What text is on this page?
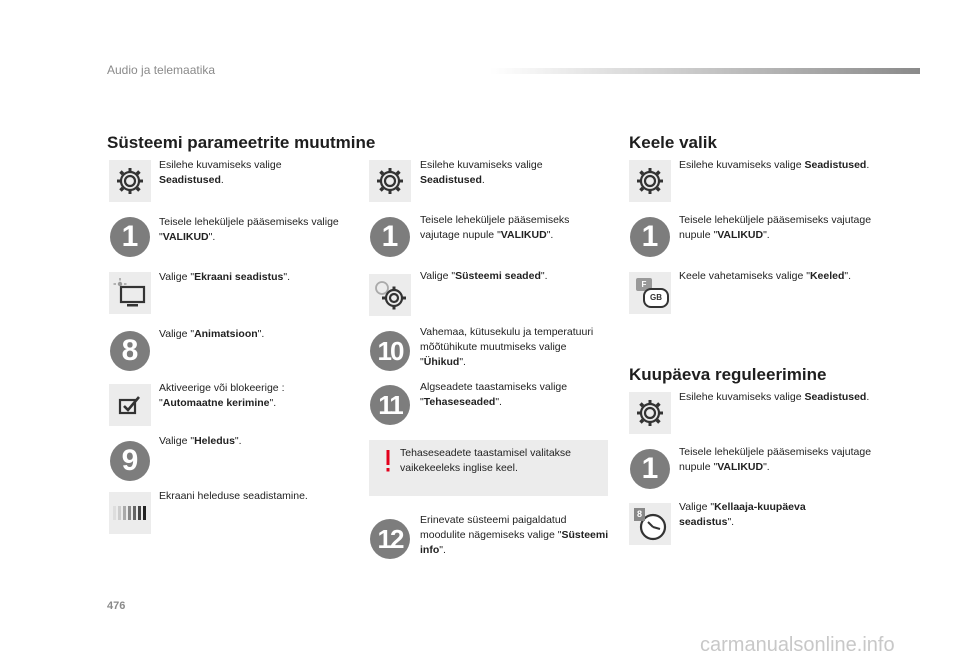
Audio ja telemaatika
Süsteemi parameetrite muutmine	Keele valik
Kuupäeva reguleerimine
Esilehe kuvamiseks valige Seadistused.
1	Teisele leheküljele pääsemiseks valige "VALIKUD".
Valige "Ekraani seadistus".
8	Valige "Animatsioon".
Aktiveerige või blokeerige : "Automaatne kerimine".
9
Valige "Heledus".
Ekraani heleduse seadistamine.
Esilehe kuvamiseks valige Seadistused.
1	Teisele leheküljele pääsemiseks vajutage nupule "VALIKUD".
Valige "Süsteemi seaded".
10
Vahemaa, kütusekulu ja temperatuuri mõõtühikute muutmiseks valige "Ühikud".
11
Algseadete taastamiseks valige "Tehaseseaded".
Tehaseseadete taastamisel valitakse vaikekeeleks inglise keel.
12
Erinevate süsteemi paigaldatud moodulite nägemiseks valige "Süsteemi info".
Esilehe kuvamiseks valige Seadistused.
1	Teisele leheküljele pääsemiseks vajutage nupule "VALIKUD".
F
GB
Keele vahetamiseks valige "Keeled".
Esilehe kuvamiseks valige Seadistused.
1	Teisele leheküljele pääsemiseks vajutage nupule "VALIKUD".
8
Valige "Kellaaja-kuupäeva seadistus".
476
carmanualsonline.info
